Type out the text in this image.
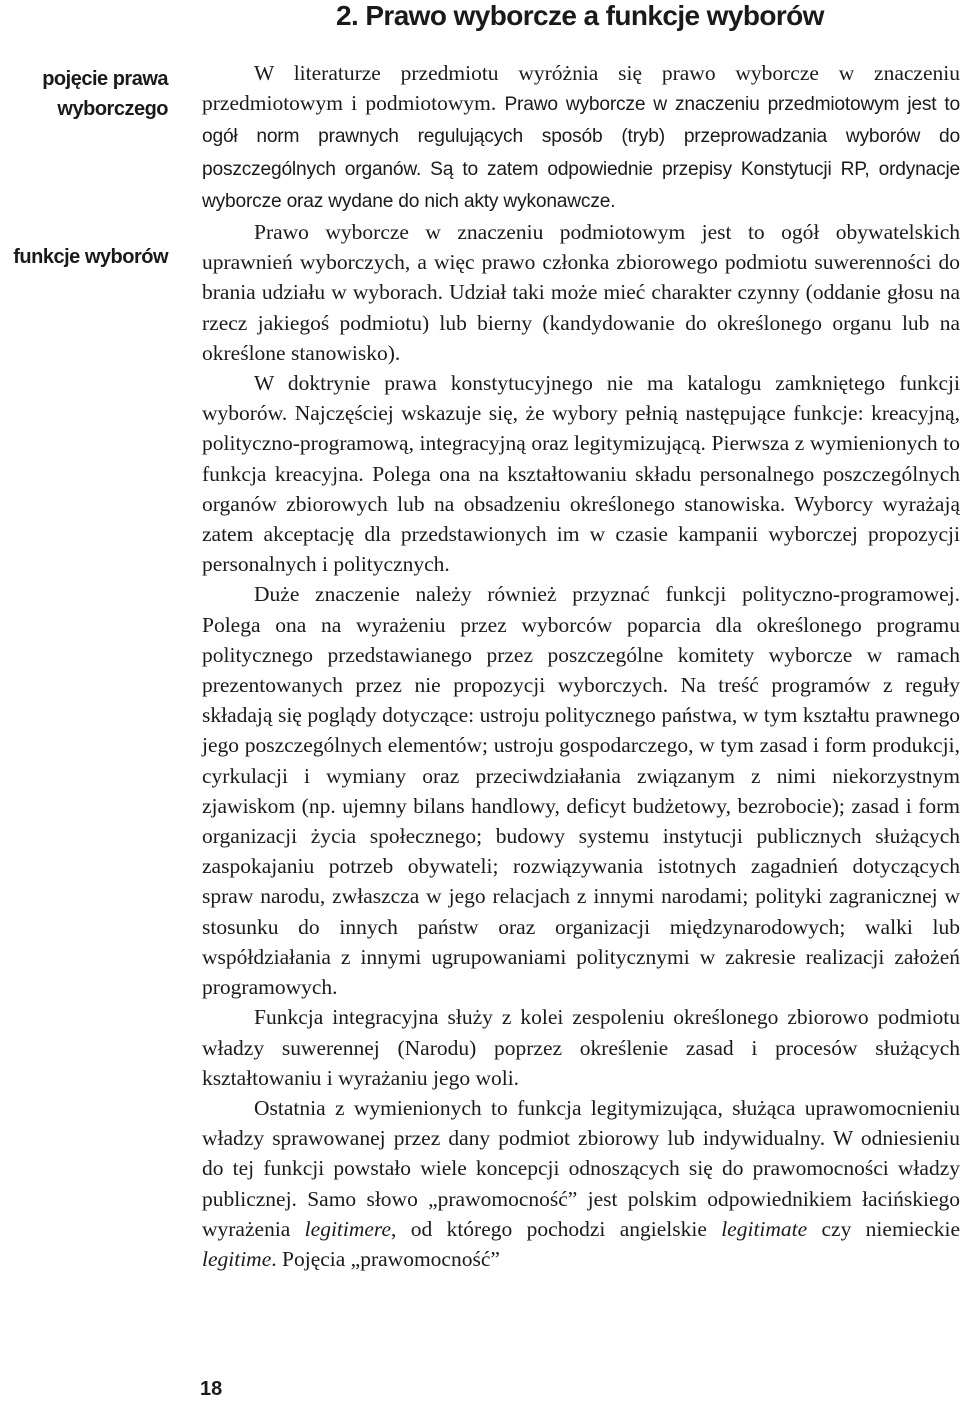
2. Prawo wyborcze a funkcje wyborów
pojęcie prawa wyborczego
funkcje wyborów

W literaturze przedmiotu wyróżnia się prawo wyborcze w znaczeniu przedmiotowym i podmiotowym. Prawo wyborcze w znaczeniu przedmiotowym jest to ogół norm prawnych regulujących sposób (tryb) przeprowadzania wyborów do poszczególnych organów. Są to zatem odpowiednie przepisy Konstytucji RP, ordynacje wyborcze oraz wydane do nich akty wykonawcze.

Prawo wyborcze w znaczeniu podmiotowym jest to ogół obywatelskich uprawnień wyborczych, a więc prawo członka zbiorowego podmiotu suwerenności do brania udziału w wyborach. Udział taki może mieć charakter czynny (oddanie głosu na rzecz jakiegoś podmiotu) lub bierny (kandydowanie do określonego organu lub na określone stanowisko).

W doktrynie prawa konstytucyjnego nie ma katalogu zamkniętego funkcji wyborów. Najczęściej wskazuje się, że wybory pełnią następujące funkcje: kreacyjną, polityczno-programową, integracyjną oraz legitymizującą. Pierwsza z wymienionych to funkcja kreacyjna. Polega ona na kształtowaniu składu personalnego poszczególnych organów zbiorowych lub na obsadzeniu określonego stanowiska. Wyborcy wyrażają zatem akceptację dla przedstawionych im w czasie kampanii wyborczej propozycji personalnych i politycznych.

Duże znaczenie należy również przyznać funkcji polityczno-programowej. Polega ona na wyrażeniu przez wyborców poparcia dla określonego programu politycznego przedstawianego przez poszczególne komitety wyborcze w ramach prezentowanych przez nie propozycji wyborczych. Na treść programów z reguły składają się poglądy dotyczące: ustroju politycznego państwa, w tym kształtu prawnego jego poszczególnych elementów; ustroju gospodarczego, w tym zasad i form produkcji, cyrkulacji i wymiany oraz przeciwdziałania związanym z nimi niekorzystnym zjawiskom (np. ujemny bilans handlowy, deficyt budżetowy, bezrobocie); zasad i form organizacji życia społecznego; budowy systemu instytucji publicznych służących zaspokajaniu potrzeb obywateli; rozwiązywania istotnych zagadnień dotyczących spraw narodu, zwłaszcza w jego relacjach z innymi narodami; polityki zagranicznej w stosunku do innych państw oraz organizacji międzynarodowych; walki lub współdziałania z innymi ugrupowaniami politycznymi w zakresie realizacji założeń programowych.

Funkcja integracyjna służy z kolei zespoleniu określonego zbiorowo podmiotu władzy suwerennej (Narodu) poprzez określenie zasad i procesów służących kształtowaniu i wyrażaniu jego woli.

Ostatnia z wymienionych to funkcja legitymizująca, służąca uprawomocnieniu władzy sprawowanej przez dany podmiot zbiorowy lub indywidualny. W odniesieniu do tej funkcji powstało wiele koncepcji odnoszących się do prawomocności władzy publicznej. Samo słowo „prawomocność” jest polskim odpowiednikiem łacińskiego wyrażenia legitimere, od którego pochodzi angielskie legitimate czy niemieckie legitime. Pojęcia „prawomocność”

18
